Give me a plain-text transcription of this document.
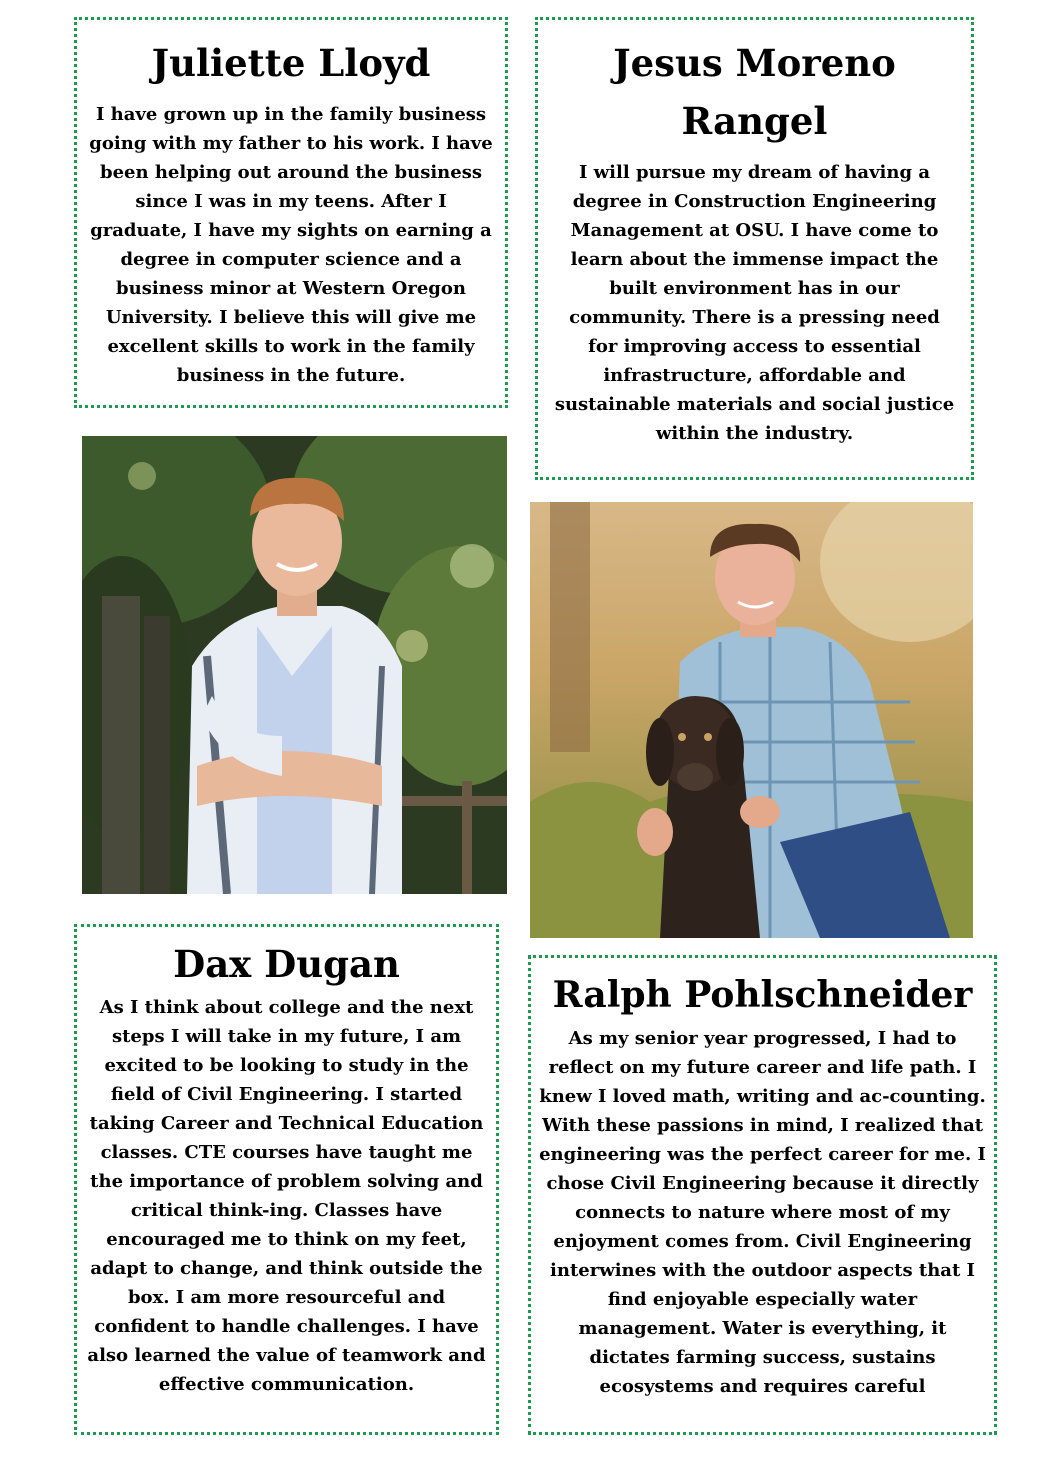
Juliette Lloyd

I have grown up in the family business going with my father to his work. I have been helping out around the business since I was in my teens. After I graduate, I have my sights on earning a degree in computer science and a business minor at Western Oregon University. I believe this will give me excellent skills to work in the family business in the future.

Jesus Moreno Rangel

I will pursue my dream of having a degree in Construction Engineering Management at OSU. I have come to learn about the immense impact the built environment has in our community. There is a pressing need for improving access to essential infrastructure, affordable and sustainable materials and social justice within the industry.

Dax Dugan

As I think about college and the next steps I will take in my future, I am excited to be looking to study in the field of Civil Engineering. I started taking Career and Technical Education classes. CTE courses have taught me the importance of problem solving and critical think-ing. Classes have encouraged me to think on my feet, adapt to change, and think outside the box. I am more resourceful and confident to handle challenges. I have also learned the value of teamwork and effective communication.

Ralph Pohlschneider

As my senior year progressed, I had to reflect on my future career and life path. I knew I loved math, writing and ac-counting. With these passions in mind, I realized that engineering was the perfect career for me. I chose Civil Engineering because it directly connects to nature where most of my enjoyment comes from. Civil Engineering interwines with the outdoor aspects that I find enjoyable especially water management. Water is everything, it dictates farming success, sustains ecosystems and requires careful
